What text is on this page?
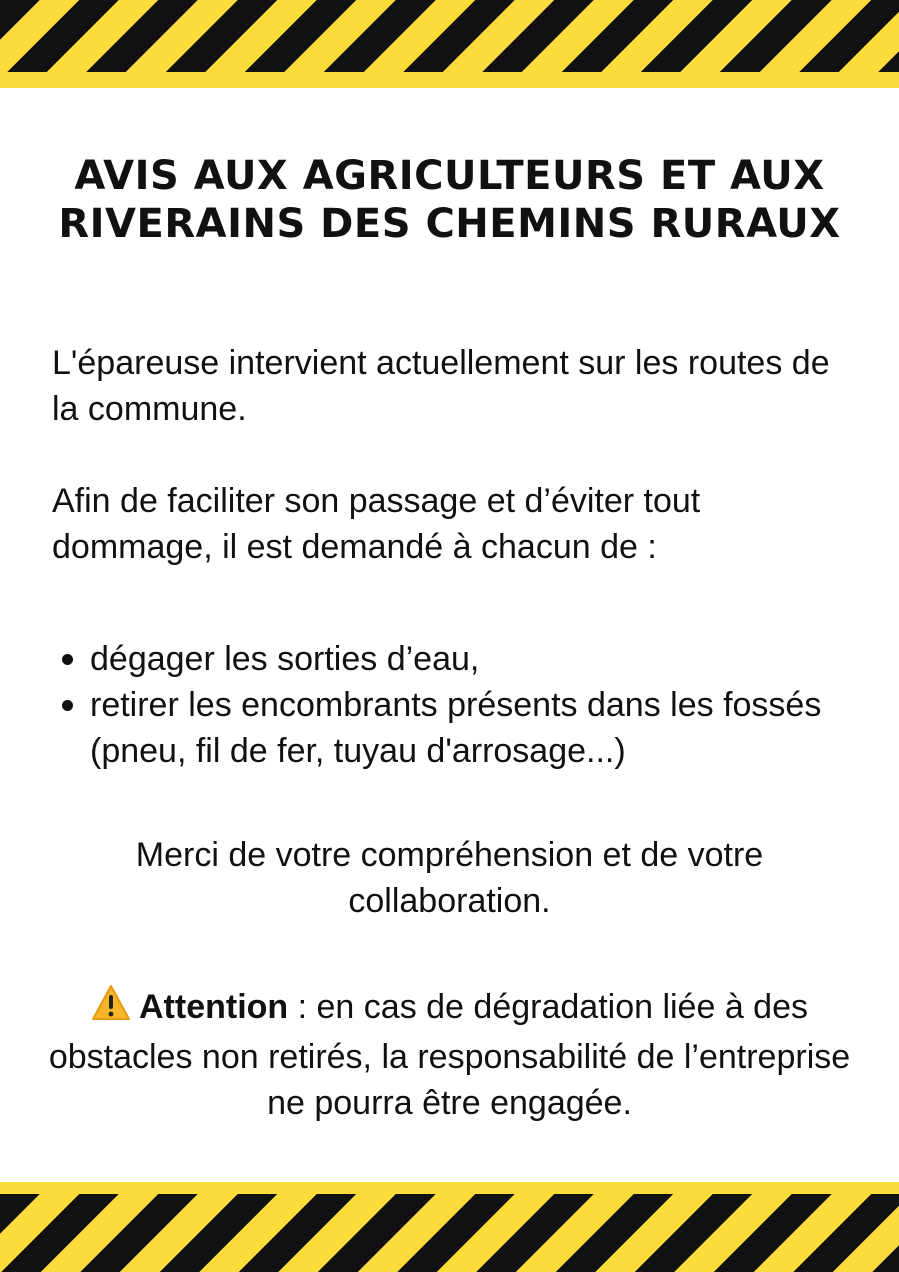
AVIS AUX AGRICULTEURS ET AUX RIVERAINS DES CHEMINS RURAUX

L'épareuse intervient actuellement sur les routes de la commune.

Afin de faciliter son passage et d’éviter tout dommage, il est demandé à chacun de :

dégager les sorties d’eau,
retirer les encombrants présents dans les fossés (pneu, fil de fer, tuyau d'arrosage...)

Merci de votre compréhension et de votre collaboration.

Attention : en cas de dégradation liée à des obstacles non retirés, la responsabilité de l’entreprise ne pourra être engagée.
